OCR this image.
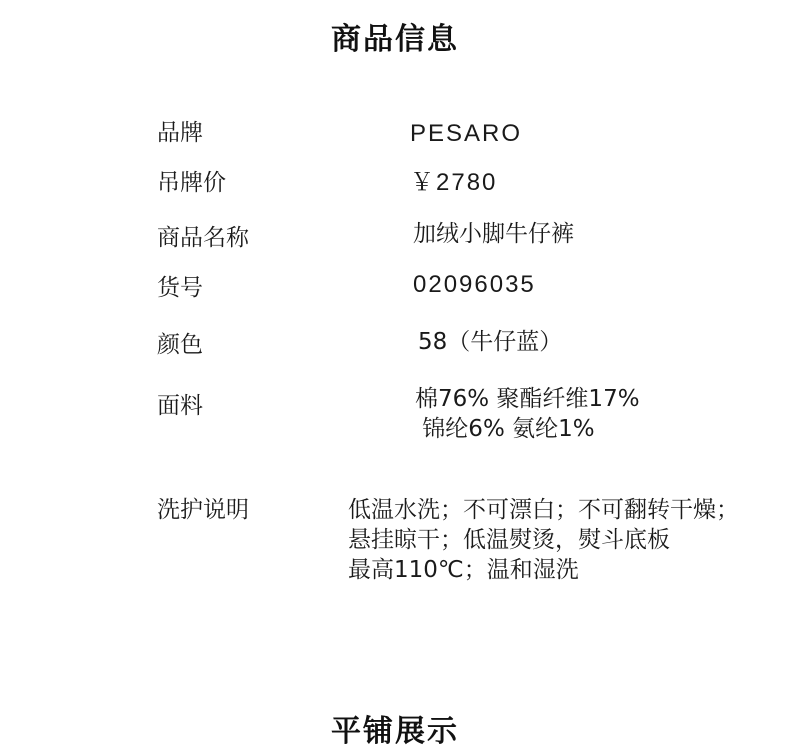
商品信息
品牌	PESARO
吊牌价	￥2780
商品名称	加绒小脚牛仔裤
货号	02096035
颜色	58（牛仔蓝）
面料	棉76% 聚酯纤维17%
锦纶6% 氨纶1%
洗护说明	低温水洗；不可漂白；不可翻转干燥；
悬挂晾干；低温熨烫，熨斗底板
最高110℃；温和湿洗
平铺展示
